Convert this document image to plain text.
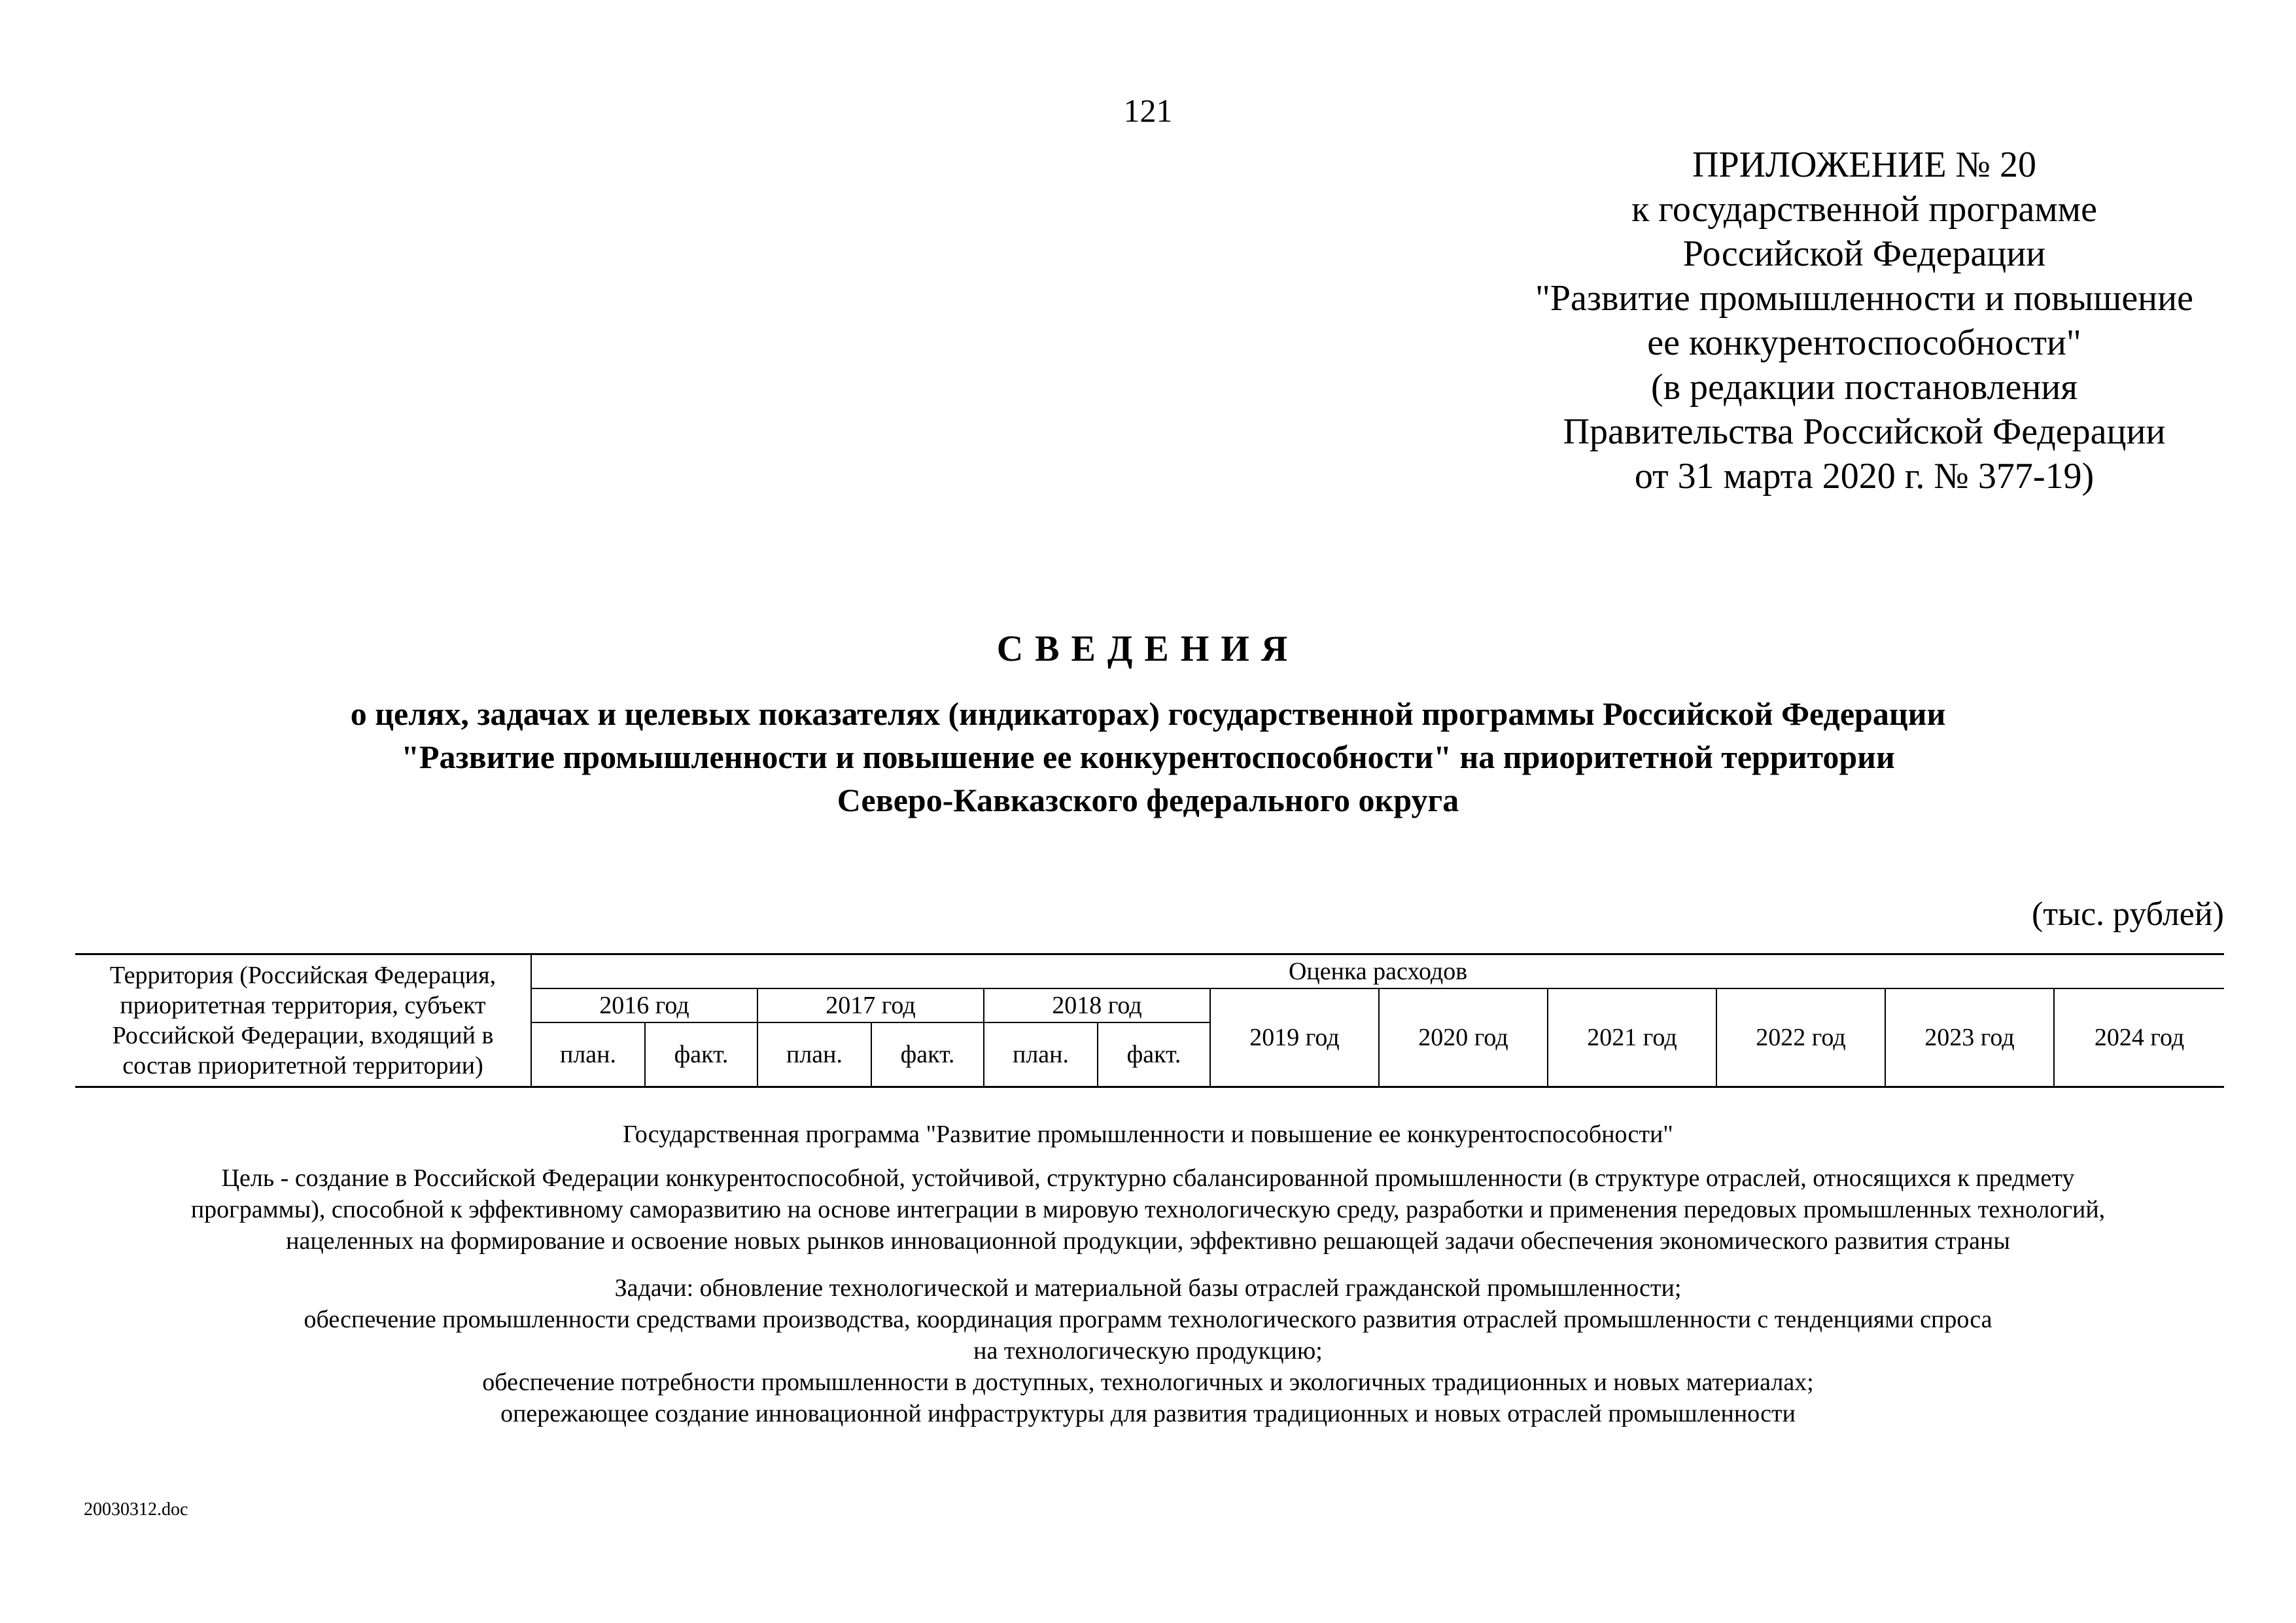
121
ПРИЛОЖЕНИЕ № 20
к государственной программе
Российской Федерации
"Развитие промышленности и повышение
ее конкурентоспособности"
(в редакции постановления
Правительства Российской Федерации
от 31 марта 2020 г. № 377-19)
СВЕДЕНИЯ
о целях, задачах и целевых показателях (индикаторах) государственной программы Российской Федерации
"Развитие промышленности и повышение ее конкурентоспособности" на приоритетной территории
Северо-Кавказского федерального округа
(тыс. рублей)
Территория (Российская Федерация,
приоритетная территория, субъект
Российской Федерации, входящий в
состав приоритетной территории)	Оценка расходов											
	2016 год		2017 год		2018 год		2019 год	2020 год	2021 год	2022 год	2023 год	2024 год
	план.	факт.	план.	факт.	план.	факт.						
Государственная программа "Развитие промышленности и повышение ее конкурентоспособности"
Цель - создание в Российской Федерации конкурентоспособной, устойчивой, структурно сбалансированной промышленности (в структуре отраслей, относящихся к предмету
программы), способной к эффективному саморазвитию на основе интеграции в мировую технологическую среду, разработки и применения передовых промышленных технологий,
нацеленных на формирование и освоение новых рынков инновационной продукции, эффективно решающей задачи обеспечения экономического развития страны
Задачи: обновление технологической и материальной базы отраслей гражданской промышленности;
обеспечение промышленности средствами производства, координация программ технологического развития отраслей промышленности с тенденциями спроса
на технологическую продукцию;
обеспечение потребности промышленности в доступных, технологичных и экологичных традиционных и новых материалах;
опережающее создание инновационной инфраструктуры для развития традиционных и новых отраслей промышленности
20030312.doc
